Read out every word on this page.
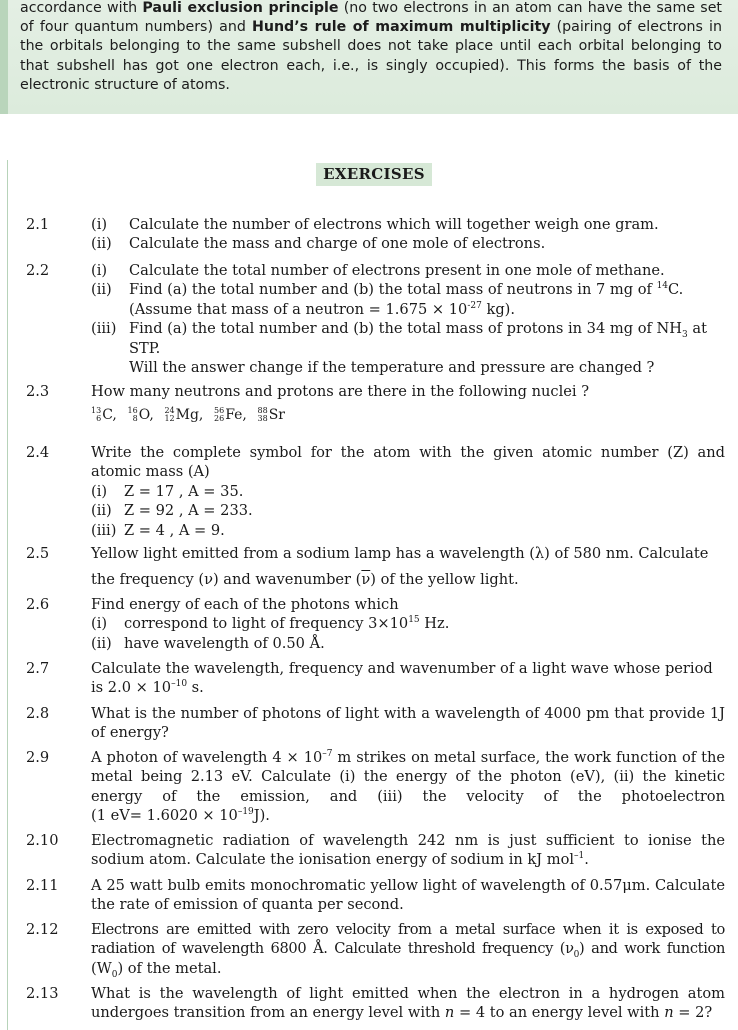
accordance with Pauli exclusion principle (no two electrons in an atom can have the same set of four quantum numbers) and Hund’s rule of maximum multiplicity (pairing of electrons in the orbitals belonging to the same subshell does not take place until each orbital belonging to that subshell has got one electron each, i.e., is singly occupied). This forms the basis of the electronic structure of atoms.

EXERCISES
2.1	(i)	Calculate the number of electrons which will together weigh one gram.
(ii)	Calculate the mass and charge of one mole of electrons.
2.2	(i)	Calculate the total number of electrons present in one mole of methane.
(ii)	Find (a) the total number and (b) the total mass of neutrons in 7 mg of $^{14}$C.
(Assume that mass of a neutron = $1.675 \times 10^{-27}$ kg).
(iii) Find (a) the total number and (b) the total mass of protons in 34 mg of $NH_3$ at STP.
Will the answer change if the temperature and pressure are changed ?
2.3	How many neutrons and protons are there in the following nuclei ?
13
6C, 16
8O, 24
12Mg, 56
26Fe, 88
38Sr
2.4	Write the complete symbol for the atom with the given atomic number (Z) and atomic mass (A)
(i)	Z = 17 , A = 35.
(ii) Z = 92 , A = 233.
(iii) Z = 4 , A = 9.
2.5	Yellow light emitted from a sodium lamp has a wavelength (λ) of 580 nm. Calculate
the frequency (ν) and wavenumber $(\overline{\nu})$ of the yellow light.
2.6	Find energy of each of the photons which
(i)	correspond to light of frequency $3\times 10^{15}$ Hz.
(ii) have wavelength of 0.50 Å.
2.7	Calculate the wavelength, frequency and wavenumber of a light wave whose period
is $2.0 \times 10^{-10}$ s.
2.8	What is the number of photons of light with a wavelength of 4000 pm that provide 1J of energy?
2.9	A photon of wavelength $4 \times 10^{-7}$ m strikes on metal surface, the work function of the metal being 2.13 eV. Calculate (i) the energy of the photon (eV), (ii) the kinetic energy of the emission, and (iii) the velocity of the photoelectron
(1 $eV= 1.6020 \times 10^{-19}J$).
2.10 Electromagnetic radiation of wavelength 242 nm is just sufficient to ionise the sodium atom. Calculate the ionisation energy of sodium in kJ mol$^{-1}$.
2.11 A 25 watt bulb emits monochromatic yellow light of wavelength of 0.57μm. Calculate the rate of emission of quanta per second.
2.12 Electrons are emitted with zero velocity from a metal surface when it is exposed to radiation of wavelength 6800 Å. Calculate threshold frequency $(\nu_0)$ and work function
$(W_0)$ of the metal.
2.13 What is the wavelength of light emitted when the electron in a hydrogen atom undergoes transition from an energy level with n = 4 to an energy level with n = 2?
